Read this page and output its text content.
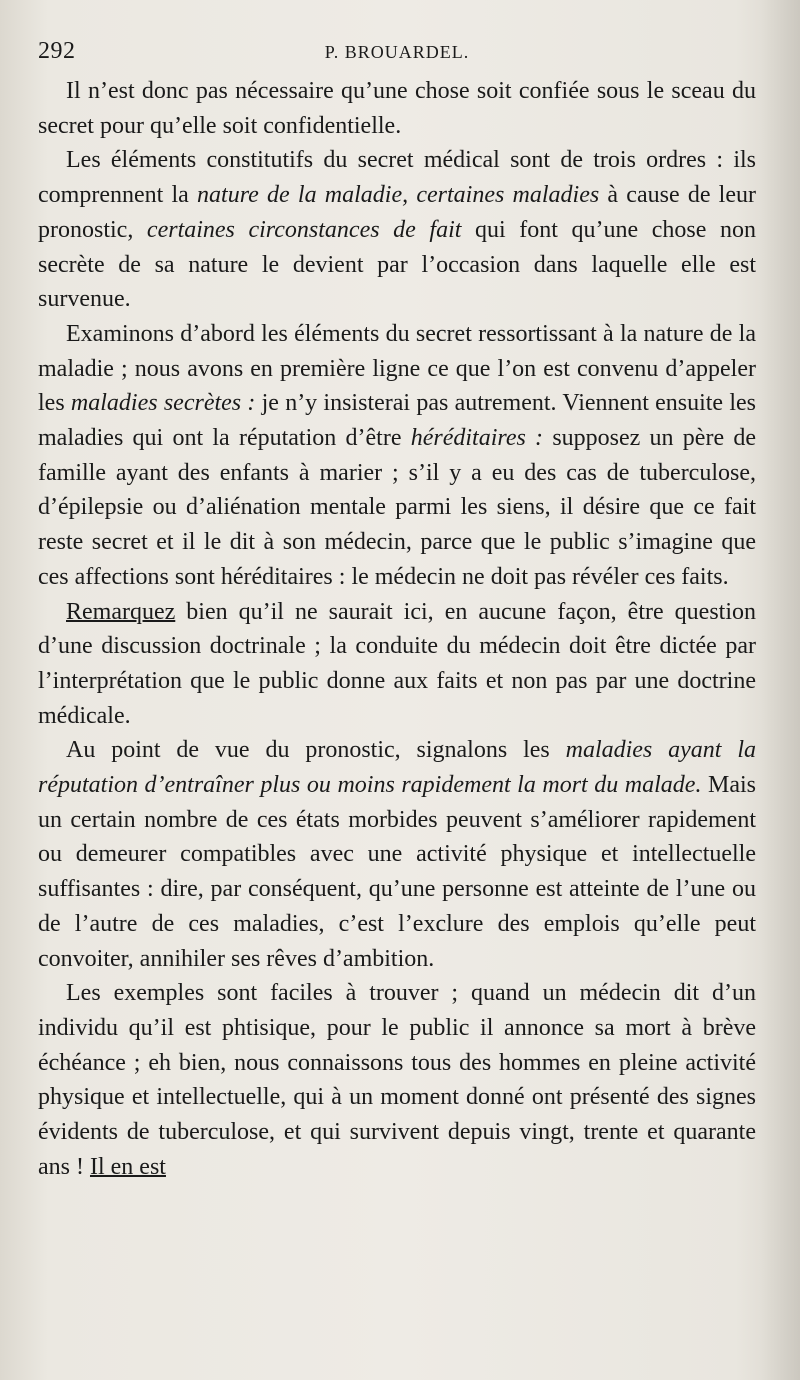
292	P. BROUARDEL.

Il n’est donc pas nécessaire qu’une chose soit confiée sous le sceau du secret pour qu’elle soit confidentielle.

Les éléments constitutifs du secret médical sont de trois ordres : ils comprennent la nature de la maladie, certaines maladies à cause de leur pronostic, certaines circonstances de fait qui font qu’une chose non secrète de sa nature le devient par l’occasion dans laquelle elle est survenue.

Examinons d’abord les éléments du secret ressortissant à la nature de la maladie ; nous avons en première ligne ce que l’on est convenu d’appeler les maladies secrètes : je n’y insisterai pas autrement. Viennent ensuite les maladies qui ont la réputation d’être héréditaires : supposez un père de famille ayant des enfants à marier ; s’il y a eu des cas de tuberculose, d’épilepsie ou d’aliénation mentale parmi les siens, il désire que ce fait reste secret et il le dit à son médecin, parce que le public s’imagine que ces affections sont héréditaires : le médecin ne doit pas révéler ces faits.

Remarquez bien qu’il ne saurait ici, en aucune façon, être question d’une discussion doctrinale ; la conduite du médecin doit être dictée par l’interprétation que le public donne aux faits et non pas par une doctrine médicale.

Au point de vue du pronostic, signalons les maladies ayant la réputation d’entraîner plus ou moins rapidement la mort du malade. Mais un certain nombre de ces états morbides peuvent s’améliorer rapidement ou demeurer compatibles avec une activité physique et intellectuelle suffisantes : dire, par conséquent, qu’une personne est atteinte de l’une ou de l’autre de ces maladies, c’est l’exclure des emplois qu’elle peut convoiter, annihiler ses rêves d’ambition.

Les exemples sont faciles à trouver ; quand un médecin dit d’un individu qu’il est phtisique, pour le public il annonce sa mort à brève échéance ; eh bien, nous connaissons tous des hommes en pleine activité physique et intellectuelle, qui à un moment donné ont présenté des signes évidents de tuberculose, et qui survivent depuis vingt, trente et quarante ans ! Il en est
